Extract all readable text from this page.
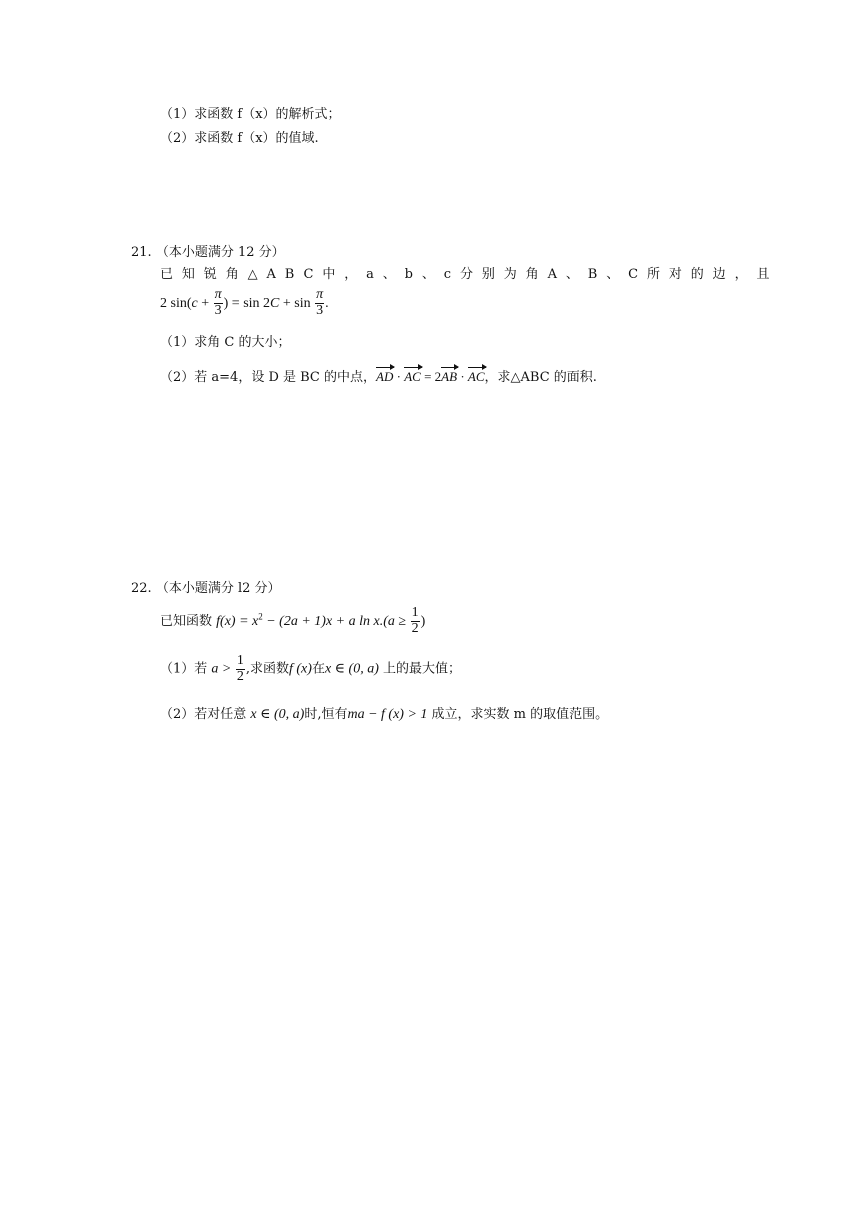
（1）求函数 f（x）的解析式；
（2）求函数 f（x）的值域.
21. （本小题满分 12 分）
已知锐角△ABC中，a、b、c分别为角A、B、C所对的边，且
2 $\sin(c + \frac{\pi}{3}$ ) = $\sin 2C + \sin \frac{\pi}{3}$ .
（1）求角 C 的大小；
（2）若 a=4，设 D 是 BC 的中点，AD · AC = 2AB · AC，求△ABC 的面积.
22. （本小题满分 l2 分）
已知函数 $f(x) = x^2 - (2a + 1)x + a$ $\ln x.(a \ge \frac{1}{2}$ )
（1）若 $a > \frac{1}{2}$ ,求函数f (x)在x ∈ (0, a) 上的最大值；
（2）若对任意 x ∈ (0, a)时,恒有ma − f (x) > 1 成立，求实数 m 的取值范围。
